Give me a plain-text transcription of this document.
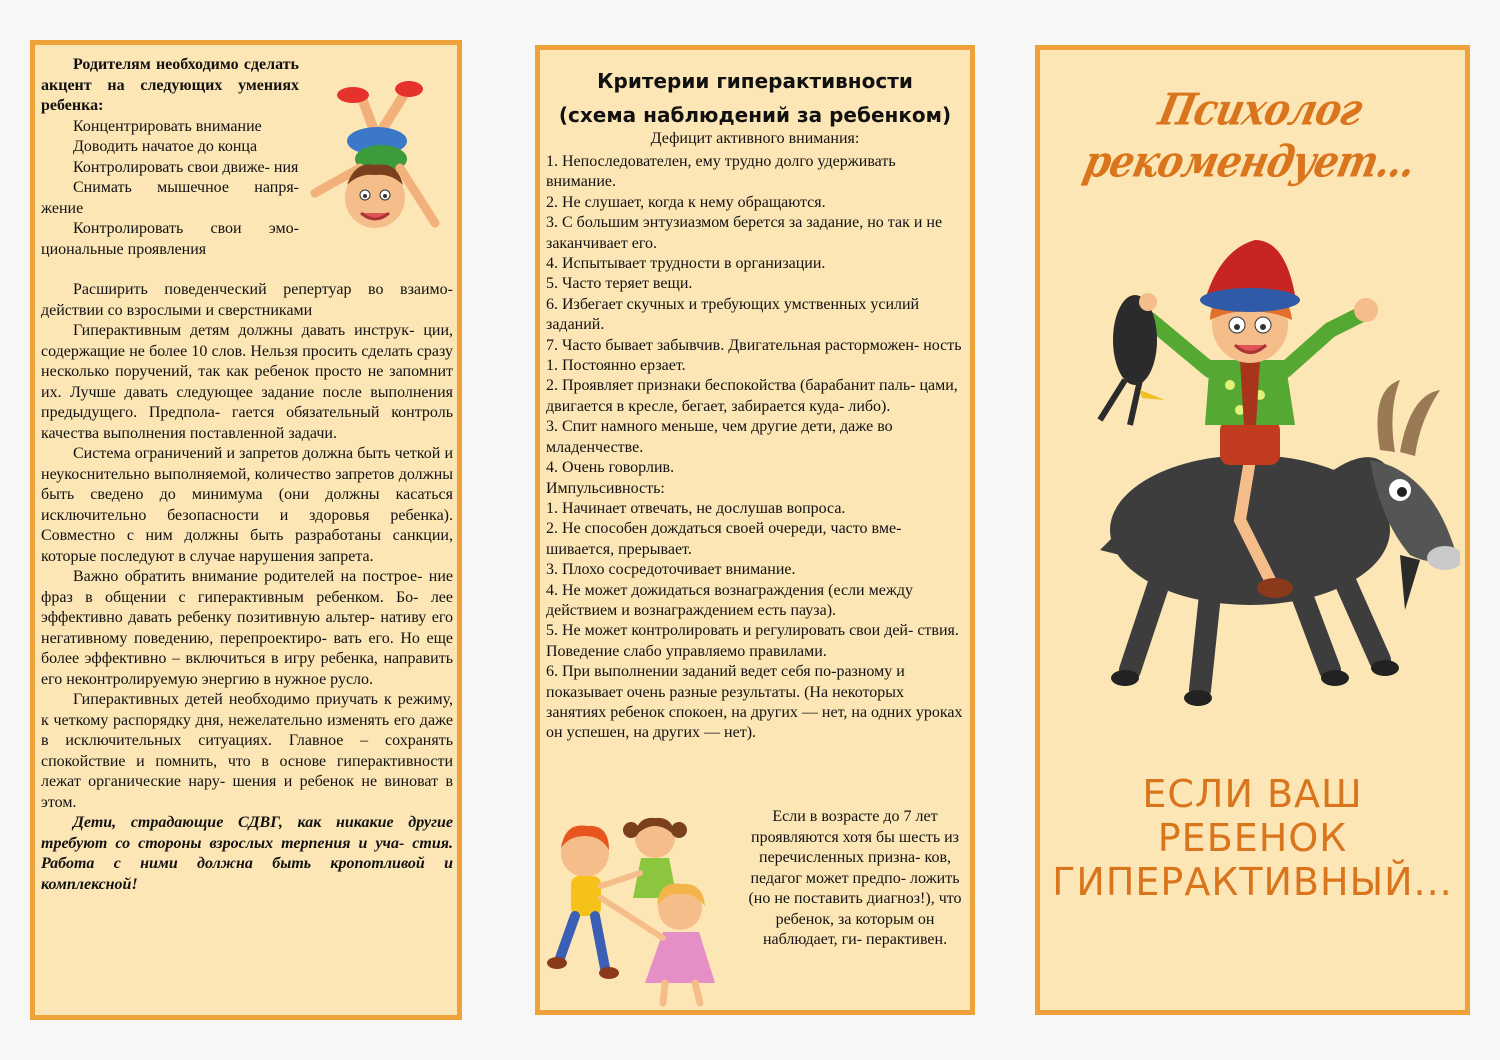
Родителям необходимо сделать акцент на следующих умениях ребенка:

Концентрировать внимание

Доводить начатое до конца

Контролировать свои движе- ния

Снимать мышечное напря- жение

Контролировать свои эмо- циональные проявления

Расширить поведенческий репертуар во взаимо- действии со взрослыми и сверстниками

Гиперактивным детям должны давать инструк- ции, содержащие не более 10 слов. Нельзя просить сделать сразу несколько поручений, так как ребенок просто не запомнит их. Лучше давать следующее задание после выполнения предыдущего. Предпола- гается обязательный контроль качества выполнения поставленной задачи.

Система ограничений и запретов должна быть четкой и неукоснительно выполняемой, количество запретов должны быть сведено до минимума (они должны касаться исключительно безопасности и здоровья ребенка). Совместно с ним должны быть разработаны санкции, которые последуют в случае нарушения запрета.

Важно обратить внимание родителей на построе- ние фраз в общении с гиперактивным ребенком. Бо- лее эффективно давать ребенку позитивную альтер- нативу его негативному поведению, перепроектиро- вать его. Но еще более эффективно – включиться в игру ребенка, направить его неконтролируемую энергию в нужное русло.

Гиперактивных детей необходимо приучать к режиму, к четкому распорядку дня, нежелательно изменять его даже в исключительных ситуациях. Главное – сохранять спокойствие и помнить, что в основе гиперактивности лежат органические нару- шения и ребенок не виноват в этом.

Дети, страдающие СДВГ, как никакие другие требуют со стороны взрослых терпения и уча- стия. Работа с ними должна быть кропотливой и комплексной!

Критерии гиперактивности
(схема наблюдений за ребенком)
Дефицит активного внимания:

1. Непоследователен, ему трудно долго удерживать внимание.

2. Не слушает, когда к нему обращаются.

3. С большим энтузиазмом берется за задание, но так и не заканчивает его.

4. Испытывает трудности в организации.

5. Часто теряет вещи.

6. Избегает скучных и требующих умственных усилий заданий.

7. Часто бывает забывчив. Двигательная расторможен- ность

1. Постоянно ерзает.

2. Проявляет признаки беспокойства (барабанит паль- цами, двигается в кресле, бегает, забирается куда- либо).

3. Спит намного меньше, чем другие дети, даже во младенчестве.

4. Очень говорлив.

Импульсивность:

1. Начинает отвечать, не дослушав вопроса.

2. Не способен дождаться своей очереди, часто вме- шивается, прерывает.

3. Плохо сосредоточивает внимание.

4. Не может дожидаться вознаграждения (если между действием и вознаграждением есть пауза).

5. Не может контролировать и регулировать свои дей- ствия. Поведение слабо управляемо правилами.

6. При выполнении заданий ведет себя по-разному и показывает очень разные результаты. (На некоторых занятиях ребенок спокоен, на других — нет, на одних уроках он успешен, на других — нет).

Если в возрасте до 7 лет проявляются хотя бы шесть из перечисленных призна- ков, педагог может предпо- ложить (но не поставить диагноз!), что ребенок, за которым он наблюдает, ги- перактивен.
Психолог рекомендует...
ЕСЛИ ВАШ
РЕБЕНОК
ГИПЕРАКТИВНЫЙ...
